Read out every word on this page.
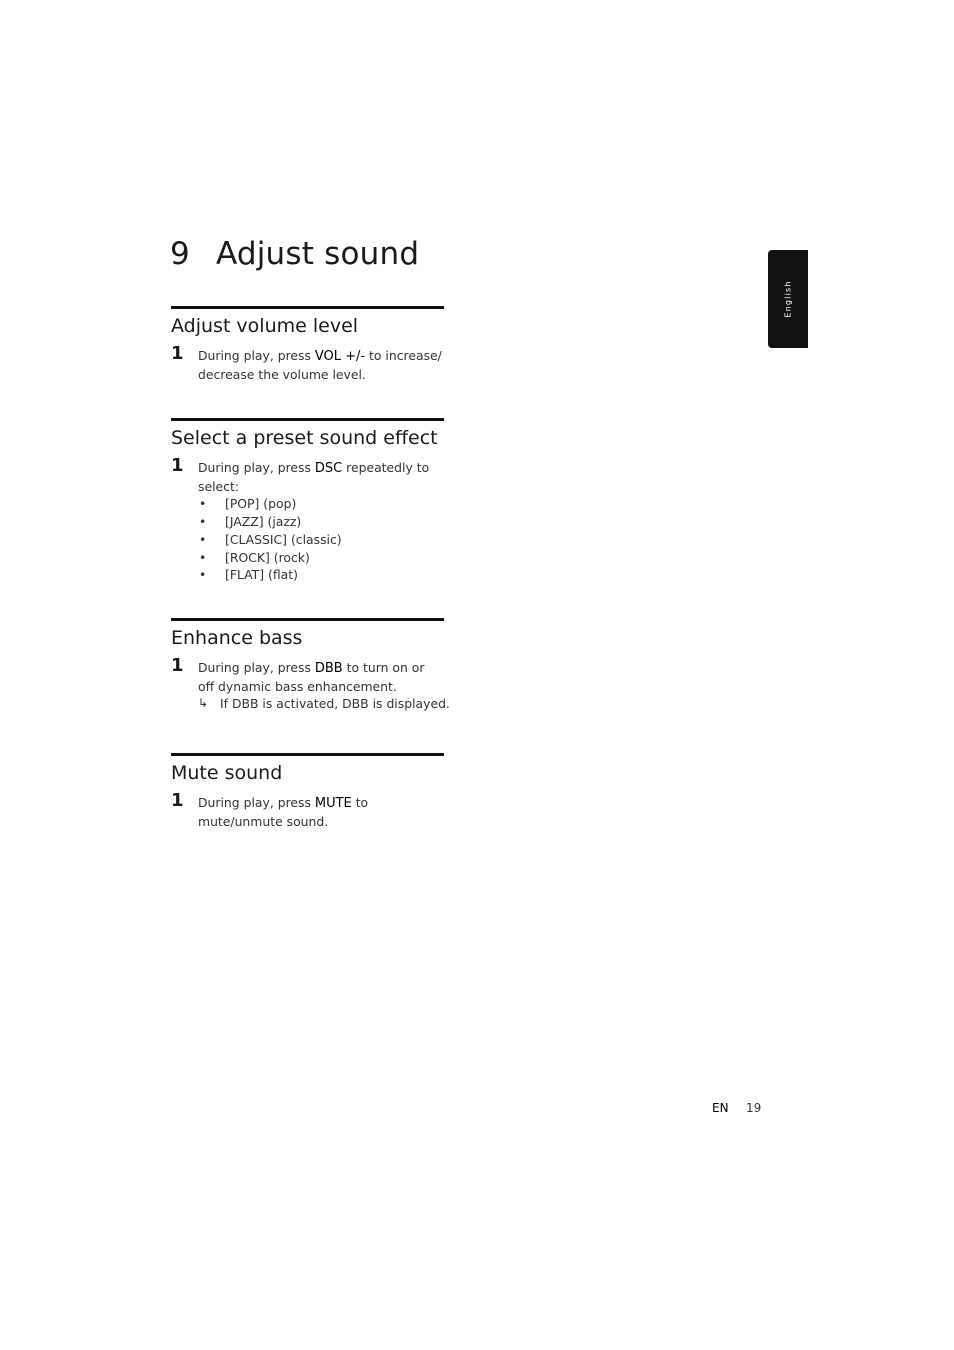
9 Adjust sound
English
Adjust volume level
1 During play, press VOL +/- to increase/ decrease the volume level.
Select a preset sound effect
1 During play, press DSC repeatedly to select:
• [POP] (pop)
• [JAZZ] (jazz)
• [CLASSIC] (classic)
• [ROCK] (rock)
• [FLAT] (flat)
Enhance bass
1 During play, press DBB to turn on or off dynamic bass enhancement.
↳ If DBB is activated, DBB is displayed.
Mute sound
1 During play, press MUTE to mute/unmute sound.
EN 19
